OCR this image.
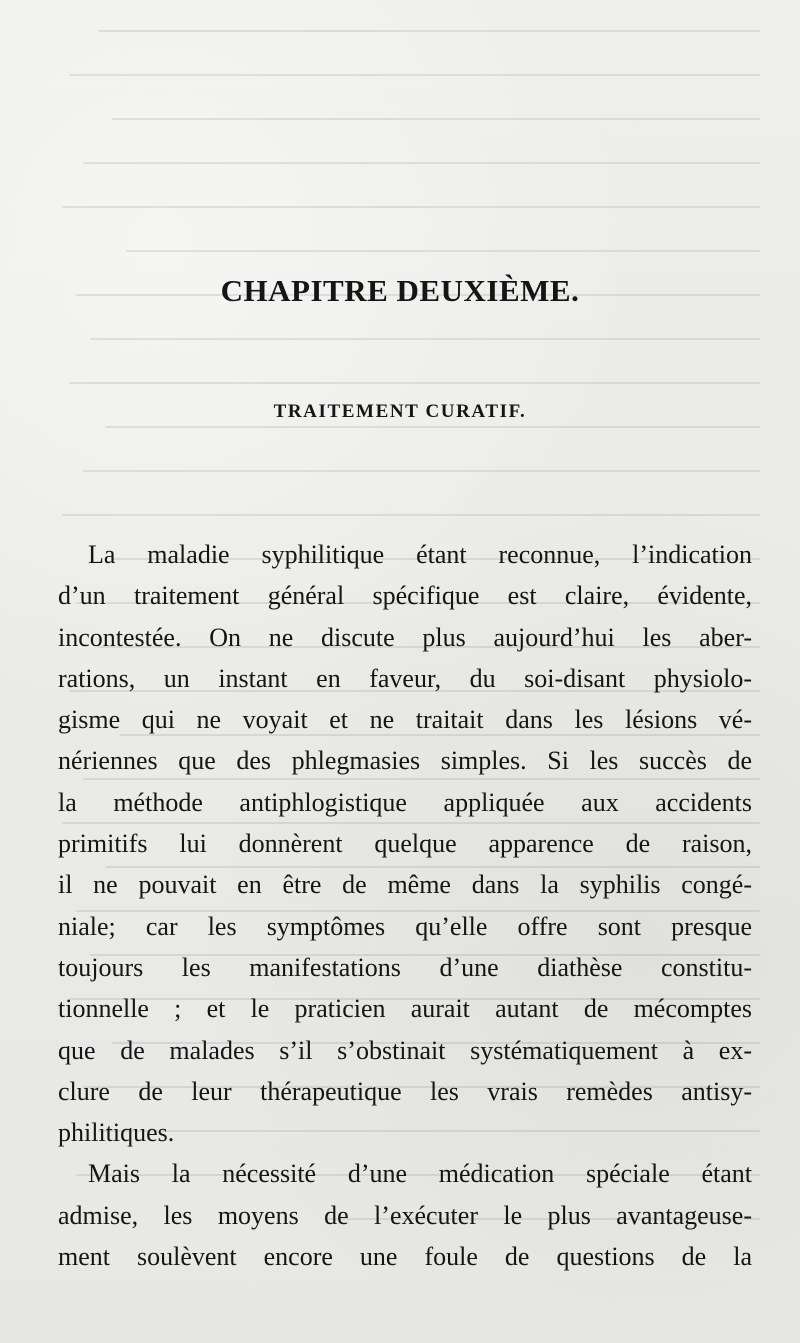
CHAPITRE DEUXIÈME.
TRAITEMENT CURATIF.
La maladie syphilitique étant reconnue, l’indication
d’un traitement général spécifique est claire, évidente,
incontestée. On ne discute plus aujourd’hui les aber-
rations, un instant en faveur, du soi-disant physiolo-
gisme qui ne voyait et ne traitait dans les lésions vé-
nériennes que des phlegmasies simples. Si les succès de
la méthode antiphlogistique appliquée aux accidents
primitifs lui donnèrent quelque apparence de raison,
il ne pouvait en être de même dans la syphilis congé-
niale; car les symptômes qu’elle offre sont presque
toujours les manifestations d’une diathèse constitu-
tionnelle ; et le praticien aurait autant de mécomptes
que de malades s’il s’obstinait systématiquement à ex-
clure de leur thérapeutique les vrais remèdes antisy-
philitiques.
Mais la nécessité d’une médication spéciale étant
admise, les moyens de l’exécuter le plus avantageuse-
ment soulèvent encore une foule de questions de la
